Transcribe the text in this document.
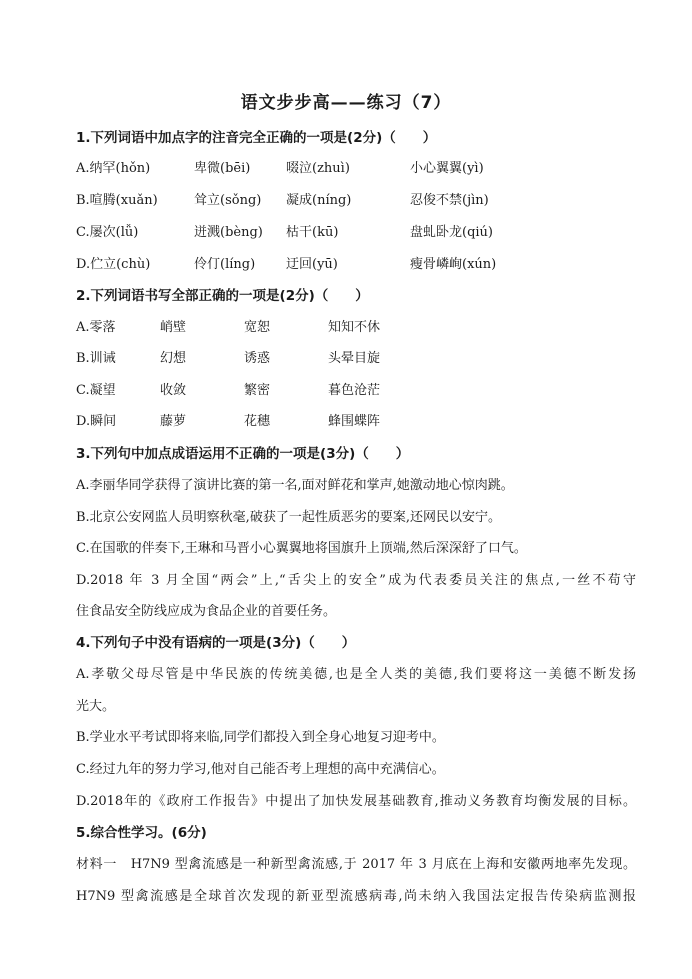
语文步步高——练习（7）
1.下列词语中加点字的注音完全正确的一项是(2分)（　　）
A.纳罕(hǒn)	卑微(bēi)	啜泣(zhuì)	小心翼翼(yì)
B.喧腾(xuǎn)	耸立(sǒng) 凝成(níng)	忍俊不禁(jìn)
C.屡次(lǚ)	迸溅(bèng) 枯干(kū)	盘虬卧龙(qiú)
D.伫立(chù)	伶仃(líng) 迂回(yū)	瘦骨嶙峋(xún)
2.下列词语书写全部正确的一项是(2分)（　　）
A.零落	峭壁	宽恕	知知不休
B.训诫	幻想	诱惑	头晕目旋
C.凝望	收敛	繁密	暮色沧茫
D.瞬间	藤萝	花穗	蜂围蝶阵
3.下列句中加点成语运用不正确的一项是(3分)（　　）
A.李丽华同学获得了演讲比赛的第一名,面对鲜花和掌声,她激动地心惊肉跳。
B.北京公安网监人员明察秋毫,破获了一起性质恶劣的要案,还网民以安宁。
C.在国歌的伴奏下,王琳和马晋小心翼翼地将国旗升上顶端,然后深深舒了口气。
D.2018 年 3 月全国“两会”上,“舌尖上的安全”成为代表委员关注的焦点,一丝不苟守
住食品安全防线应成为食品企业的首要任务。
4.下列句子中没有语病的一项是(3分)（　　）
A.孝敬父母尽管是中华民族的传统美德,也是全人类的美德,我们要将这一美德不断发扬
光大。
B.学业水平考试即将来临,同学们都投入到全身心地复习迎考中。
C.经过九年的努力学习,他对自己能否考上理想的高中充满信心。
D.2018年的《政府工作报告》中提出了加快发展基础教育,推动义务教育均衡发展的目标。
5.综合性学习。(6分)
材料一　H7N9 型禽流感是一种新型禽流感,于 2017 年 3 月底在上海和安徽两地率先发现。
H7N9 型禽流感是全球首次发现的新亚型流感病毒,尚未纳入我国法定报告传染病监测报
